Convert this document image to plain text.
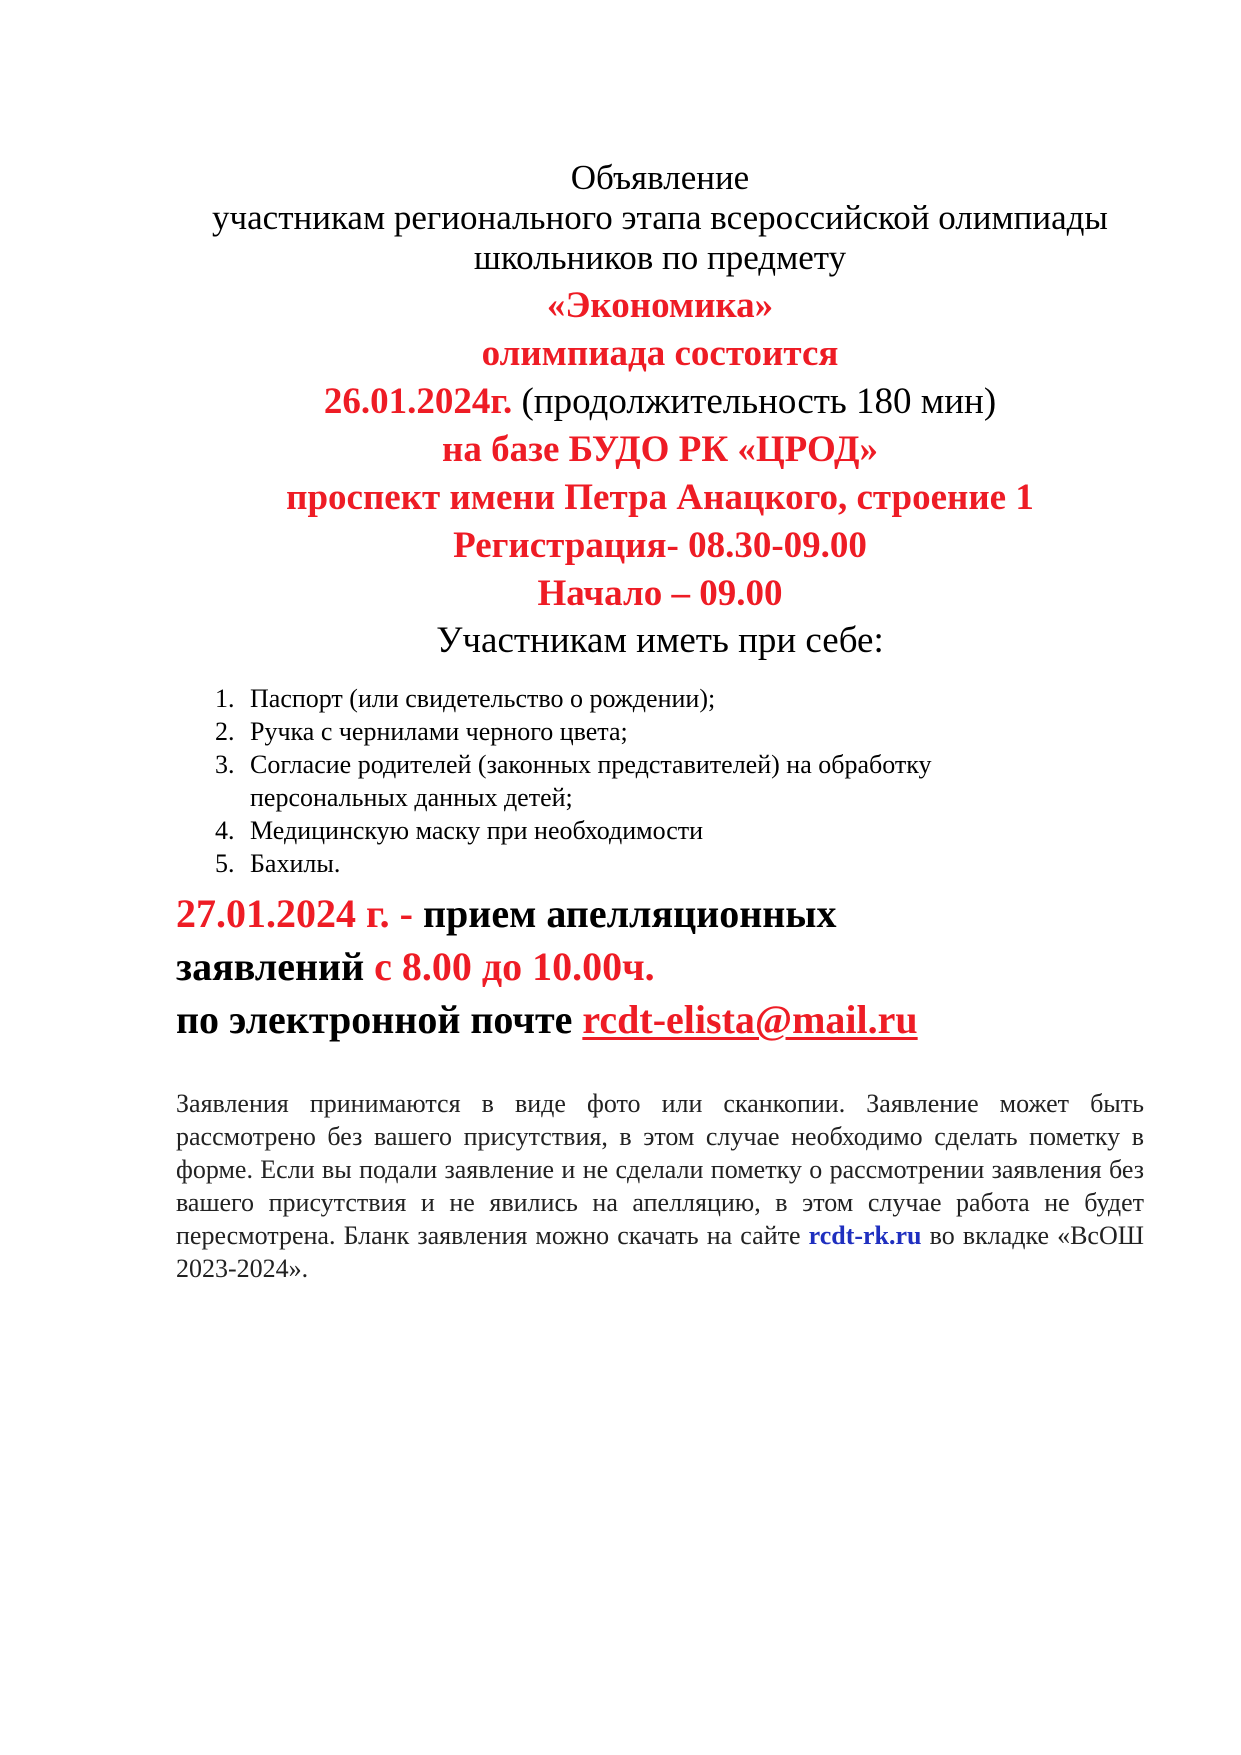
Объявление

участникам регионального этапа всероссийской олимпиады

школьников по предмету

«Экономика»

олимпиада состоится

26.01.2024г. (продолжительность 180 мин)

на базе БУДО РК «ЦРОД»

проспект имени Петра Анацкого, строение 1

Регистрация- 08.30-09.00

Начало – 09.00

Участникам иметь при себе:

1. Паспорт (или свидетельство о рождении);
2. Ручка с чернилами черного цвета;
3. Согласие родителей (законных представителей) на обработку
персональных данных детей;
4. Медицинскую маску при необходимости
5. Бахилы.
27.01.2024 г. - прием апелляционных
заявлений с 8.00 до 10.00ч.
по электронной почте rcdt-elista@mail.ru

Заявления принимаются в виде фото или сканкопии. Заявление может быть рассмотрено без вашего присутствия, в этом случае необходимо сделать пометку в форме. Если вы подали заявление и не сделали пометку о рассмотрении заявления без вашего присутствия и не явились на апелляцию, в этом случае работа не будет пересмотрена. Бланк заявления можно скачать на сайте rcdt-rk.ru во вкладке «ВсОШ 2023-2024».
